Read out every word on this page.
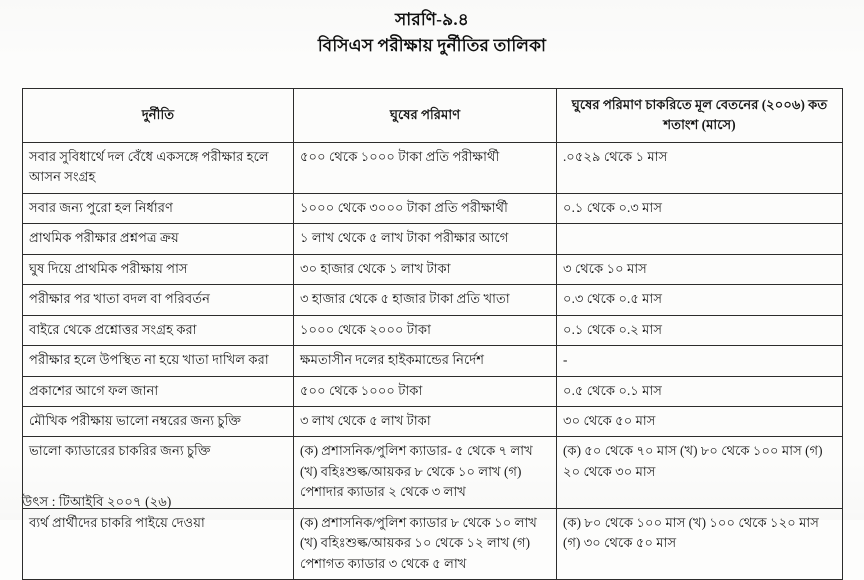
সারণি-৯.৪
বিসিএস পরীক্ষায় দুর্নীতির তালিকা
দুর্নীতি	ঘুষের পরিমাণ	ঘুষের পরিমাণ চাকরিতে মূল বেতনের (২০০৬) কত শতাংশ (মাসে)
সবার সুবিধার্থে দল বেঁধে একসঙ্গে পরীক্ষার হলে আসন সংগ্রহ	৫০০ থেকে ১০০০ টাকা প্রতি পরীক্ষার্থী	.০৫২৯ থেকে ১ মাস
সবার জন্য পুরো হল নির্ধারণ	১০০০ থেকে ৩০০০ টাকা প্রতি পরীক্ষার্থী	০.১ থেকে ০.৩ মাস
প্রাথমিক পরীক্ষার প্রশ্নপত্র ক্রয়	১ লাখ থেকে ৫ লাখ টাকা পরীক্ষার আগে	
ঘুষ দিয়ে প্রাথমিক পরীক্ষায় পাস	৩০ হাজার থেকে ১ লাখ টাকা	৩ থেকে ১০ মাস
পরীক্ষার পর খাতা বদল বা পরিবর্তন	৩ হাজার থেকে ৫ হাজার টাকা প্রতি খাতা	০.৩ থেকে ০.৫ মাস
বাইরে থেকে প্রশ্নোত্তর সংগ্রহ করা	১০০০ থেকে ২০০০ টাকা	০.১ থেকে ০.২ মাস
পরীক্ষার হলে উপস্থিত না হয়ে খাতা দাখিল করা	ক্ষমতাসীন দলের হাইকমান্ডের নির্দেশ	-
প্রকাশের আগে ফল জানা	৫০০ থেকে ১০০০ টাকা	০.৫ থেকে ০.১ মাস
মৌখিক পরীক্ষায় ভালো নম্বরের জন্য চুক্তি	৩ লাখ থেকে ৫ লাখ টাকা	৩০ থেকে ৫০ মাস
ভালো ক্যাডারের চাকরির জন্য চুক্তি	(ক) প্রশাসনিক/পুলিশ ক্যাডার- ৫ থেকে ৭ লাখ (খ) বহিঃশুল্ক/আয়কর ৮ থেকে ১০ লাখ (গ) পেশাদার ক্যাডার ২ থেকে ৩ লাখ	(ক) ৫০ থেকে ৭০ মাস (খ) ৮০ থেকে ১০০ মাস (গ) ২০ থেকে ৩০ মাস
ব্যর্থ প্রার্থীদের চাকরি পাইয়ে দেওয়া	(ক) প্রশাসনিক/পুলিশ ক্যাডার ৮ থেকে ১০ লাখ (খ) বহিঃশুল্ক/আয়কর ১০ থেকে ১২ লাখ (গ) পেশাগত ক্যাডার ৩ থেকে ৫ লাখ	(ক) ৮০ থেকে ১০০ মাস (খ) ১০০ থেকে ১২০ মাস (গ) ৩০ থেকে ৫০ মাস
উৎস : টিআইবি ২০০৭ (২৬)
